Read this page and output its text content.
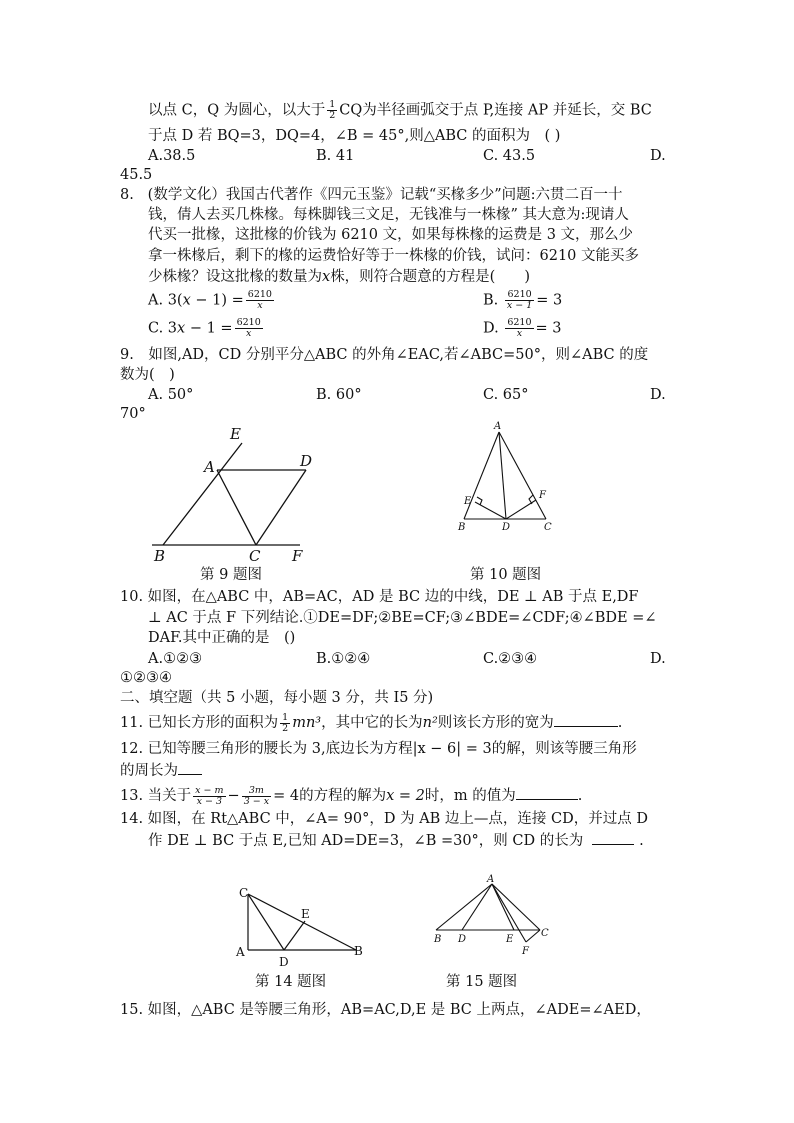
以点 C，Q 为圆心，以大于 $\frac{1}{2}$ CQ为半径画弧交于点 P,连接 AP 并延长，交 BC
于点 D 若 BQ=3，DQ=4，∠B = 45°,则△ABC 的面积为　( )
A.38.5	B. 41	C. 43.5	D.
45.5
8. (数学文化）我国古代著作《四元玉鉴》记载“买椽多少”问题:六贯二百一十
钱，倩人去买几株椽。每株脚钱三文足，无钱准与一株椽” 其大意为:现请人
代买一批椽，这批椽的价钱为 6210 文，如果每株椽的运费是 3 文，那么少
拿一株椽后，剩下的椽的运费恰好等于一株椽的价钱，试问：6210 文能买多
少株椽？设这批椽的数量为x株，则符合题意的方程是(　　)
A. $3(x - 1) = \frac{6210}{x}$	B. $\frac{6210}{x - 1} = 3$
C. $3x - 1 = \frac{6210}{x}$	D. $\frac{6210}{x} = 3$
9.　如图,AD，CD 分别平分△ABC 的外角∠EAC,若∠ABC=50°，则∠ABC 的度
数为(　)
A. 50°	B. 60°	C. 65°	D.
70°
E
A	D
B	C F
第 9 题图
A
E
F
B	D	C
第 10 题图
10. 如图，在△ABC 中，AB=AC，AD 是 BC 边的中线，DE ⊥ AB 于点 E,DF
⊥ AC 于点 F 下列结论.①DE=DF;②BE=CF;③∠BDE=∠CDF;④∠BDE =∠
DAF.其中正确的是　()
A.①②③	B.①②④	C.②③④	D.
①②③④
二、填空题（共 5 小题，每小题 3 分，共 I5 分)
11. 已知长方形的面积为 $\frac{1}{2} mn^3$，其中它的长为n²则该长方形的宽为	.
12. 已知等腰三角形的腰长为 3,底边长为方程|x − 6| = 3的解，则该等腰三角形
的周长为
13. 当关于 $\frac{x - m}{x - 3} - \frac{3m}{3 - x} = 4$的方程的解为x = 2时，m 的值为	.
14. 如图，在 Rt△ABC 中，∠A= 90°，D 为 AB 边上—点，连接 CD，并过点 D
作 DE ⊥ BC 于点 E,已知 AD=DE=3，∠B =30°，则 CD 的长为	.
C
E
A
D
B
第 14 题图
A
B D	E
C
F
第 15 题图
15. 如图，△ABC 是等腰三角形，AB=AC,D,E 是 BC 上两点，∠ADE=∠AED，
